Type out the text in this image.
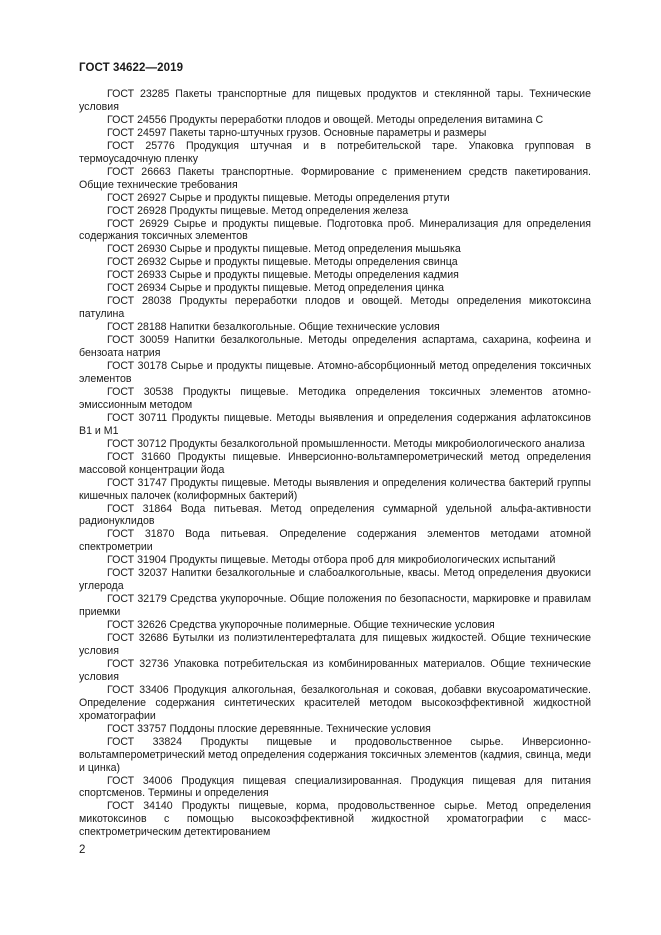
ГОСТ 34622—2019

ГОСТ 23285 Пакеты транспортные для пищевых продуктов и стеклянной тары. Технические условия

ГОСТ 24556 Продукты переработки плодов и овощей. Методы определения витамина С

ГОСТ 24597 Пакеты тарно-штучных грузов. Основные параметры и размеры

ГОСТ 25776 Продукция штучная и в потребительской таре. Упаковка групповая в термоусадочную пленку

ГОСТ 26663 Пакеты транспортные. Формирование с применением средств пакетирования. Общие технические требования

ГОСТ 26927 Сырье и продукты пищевые. Методы определения ртути

ГОСТ 26928 Продукты пищевые. Метод определения железа

ГОСТ 26929 Сырье и продукты пищевые. Подготовка проб. Минерализация для определения содержания токсичных элементов

ГОСТ 26930 Сырье и продукты пищевые. Метод определения мышьяка

ГОСТ 26932 Сырье и продукты пищевые. Методы определения свинца

ГОСТ 26933 Сырье и продукты пищевые. Методы определения кадмия

ГОСТ 26934 Сырье и продукты пищевые. Метод определения цинка

ГОСТ 28038 Продукты переработки плодов и овощей. Методы определения микотоксина патулина

ГОСТ 28188 Напитки безалкогольные. Общие технические условия

ГОСТ 30059 Напитки безалкогольные. Методы определения аспартама, сахарина, кофеина и бензоата натрия

ГОСТ 30178 Сырье и продукты пищевые. Атомно-абсорбционный метод определения токсичных элементов

ГОСТ 30538 Продукты пищевые. Методика определения токсичных элементов атомно-эмиссионным методом

ГОСТ 30711 Продукты пищевые. Методы выявления и определения содержания афлатоксинов В1 и М1

ГОСТ 30712 Продукты безалкогольной промышленности. Методы микробиологического анализа

ГОСТ 31660 Продукты пищевые. Инверсионно-вольтамперометрический метод определения массовой концентрации йода

ГОСТ 31747 Продукты пищевые. Методы выявления и определения количества бактерий группы кишечных палочек (колиформных бактерий)

ГОСТ 31864 Вода питьевая. Метод определения суммарной удельной альфа-активности радионуклидов

ГОСТ 31870 Вода питьевая. Определение содержания элементов методами атомной спектрометрии

ГОСТ 31904 Продукты пищевые. Методы отбора проб для микробиологических испытаний

ГОСТ 32037 Напитки безалкогольные и слабоалкогольные, квасы. Метод определения двуокиси углерода

ГОСТ 32179 Средства укупорочные. Общие положения по безопасности, маркировке и правилам приемки

ГОСТ 32626 Средства укупорочные полимерные. Общие технические условия

ГОСТ 32686 Бутылки из полиэтилентерефталата для пищевых жидкостей. Общие технические условия

ГОСТ 32736 Упаковка потребительская из комбинированных материалов. Общие технические условия

ГОСТ 33406 Продукция алкогольная, безалкогольная и соковая, добавки вкусоароматические. Определение содержания синтетических красителей методом высокоэффективной жидкостной хроматографии

ГОСТ 33757 Поддоны плоские деревянные. Технические условия

ГОСТ 33824 Продукты пищевые и продовольственное сырье. Инверсионно-вольтамперометрический метод определения содержания токсичных элементов (кадмия, свинца, меди и цинка)

ГОСТ 34006 Продукция пищевая специализированная. Продукция пищевая для питания спортсменов. Термины и определения

ГОСТ 34140 Продукты пищевые, корма, продовольственное сырье. Метод определения микотоксинов с помощью высокоэффективной жидкостной хроматографии с масс-спектрометрическим детектированием

2
